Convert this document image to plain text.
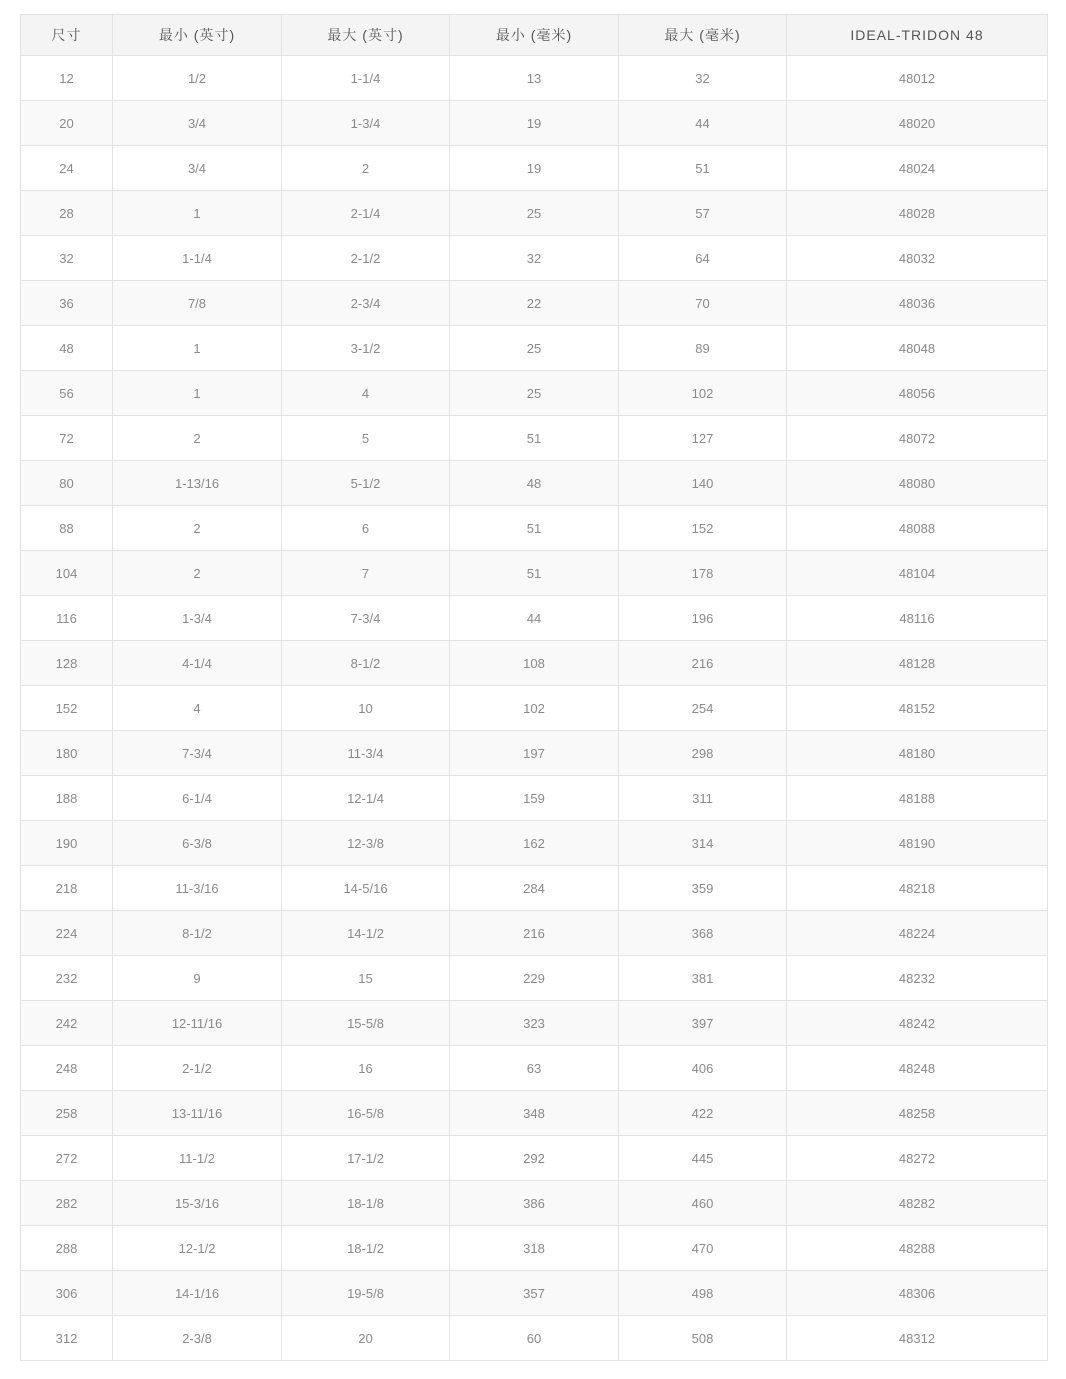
尺寸	最小 (英寸)	最大 (英寸)	最小 (毫米)	最大 (毫米)	IDEAL-TRIDON 48
12	1/2	1-1/4	13	32	48012
20	3/4	1-3/4	19	44	48020
24	3/4	2	19	51	48024
28	1	2-1/4	25	57	48028
32	1-1/4	2-1/2	32	64	48032
36	7/8	2-3/4	22	70	48036
48	1	3-1/2	25	89	48048
56	1	4	25	102	48056
72	2	5	51	127	48072
80	1-13/16	5-1/2	48	140	48080
88	2	6	51	152	48088
104	2	7	51	178	48104
116	1-3/4	7-3/4	44	196	48116
128	4-1/4	8-1/2	108	216	48128
152	4	10	102	254	48152
180	7-3/4	11-3/4	197	298	48180
188	6-1/4	12-1/4	159	311	48188
190	6-3/8	12-3/8	162	314	48190
218	11-3/16	14-5/16	284	359	48218
224	8-1/2	14-1/2	216	368	48224
232	9	15	229	381	48232
242	12-11/16	15-5/8	323	397	48242
248	2-1/2	16	63	406	48248
258	13-11/16	16-5/8	348	422	48258
272	11-1/2	17-1/2	292	445	48272
282	15-3/16	18-1/8	386	460	48282
288	12-1/2	18-1/2	318	470	48288
306	14-1/16	19-5/8	357	498	48306
312	2-3/8	20	60	508	48312
